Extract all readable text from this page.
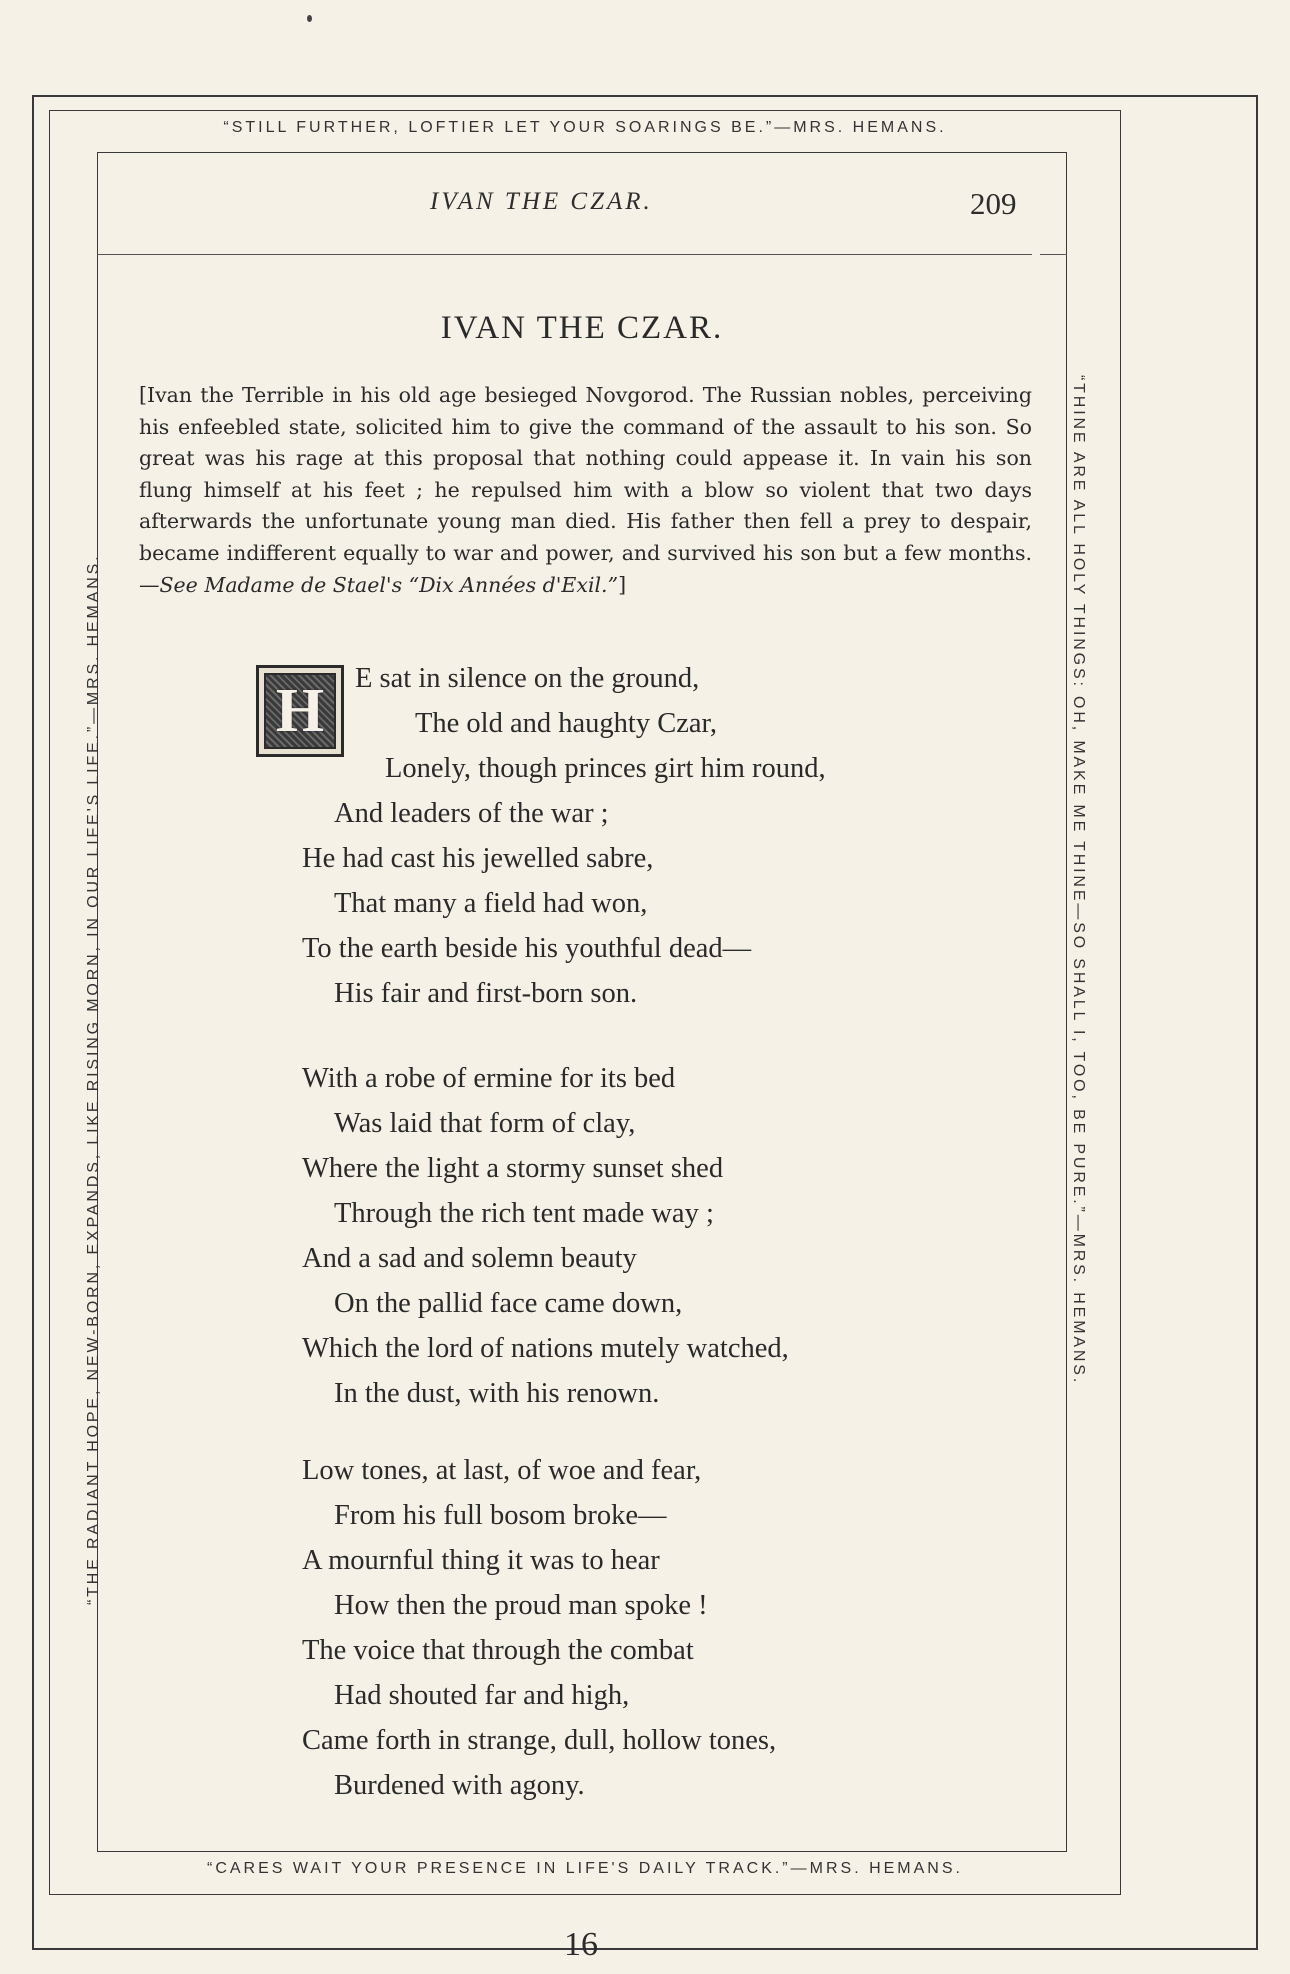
“STILL FURTHER, LOFTIER LET YOUR SOARINGS BE.”—MRS. HEMANS.
“CARES WAIT YOUR PRESENCE IN LIFE'S DAILY TRACK.”—MRS. HEMANS.
“THE RADIANT HOPE, NEW-BORN, EXPANDS, LIKE RISING MORN, IN OUR LIFE'S LIFE.”—MRS. HEMANS.	“THINE ARE ALL HOLY THINGS: OH, MAKE ME THINE—SO SHALL I, TOO, BE PURE.”—MRS. HEMANS.
IVAN THE CZAR.	209
IVAN THE CZAR.
[Ivan the Terrible in his old age besieged Novgorod. The Russian nobles, perceiving his enfeebled state, solicited him to give the command of the assault to his son. So great was his rage at this proposal that nothing could appease it. In vain his son flung himself at his feet ; he repulsed him with a blow so violent that two days afterwards the unfortunate young man died. His father then fell a prey to despair, became indifferent equally to war and power, and survived his son but a few months.—See Madame de Stael's “Dix Années d'Exil.”]
H	E sat in silence on the ground,
The old and haughty Czar,
Lonely, though princes girt him round,
And leaders of the war ;
He had cast his jewelled sabre,
That many a field had won,
To the earth beside his youthful dead—
His fair and first-born son.
With a robe of ermine for its bed
Was laid that form of clay,
Where the light a stormy sunset shed
Through the rich tent made way ;
And a sad and solemn beauty
On the pallid face came down,
Which the lord of nations mutely watched,
In the dust, with his renown.
Low tones, at last, of woe and fear,
From his full bosom broke—
A mournful thing it was to hear
How then the proud man spoke !
The voice that through the combat
Had shouted far and high,
Came forth in strange, dull, hollow tones,
Burdened with agony.
16
